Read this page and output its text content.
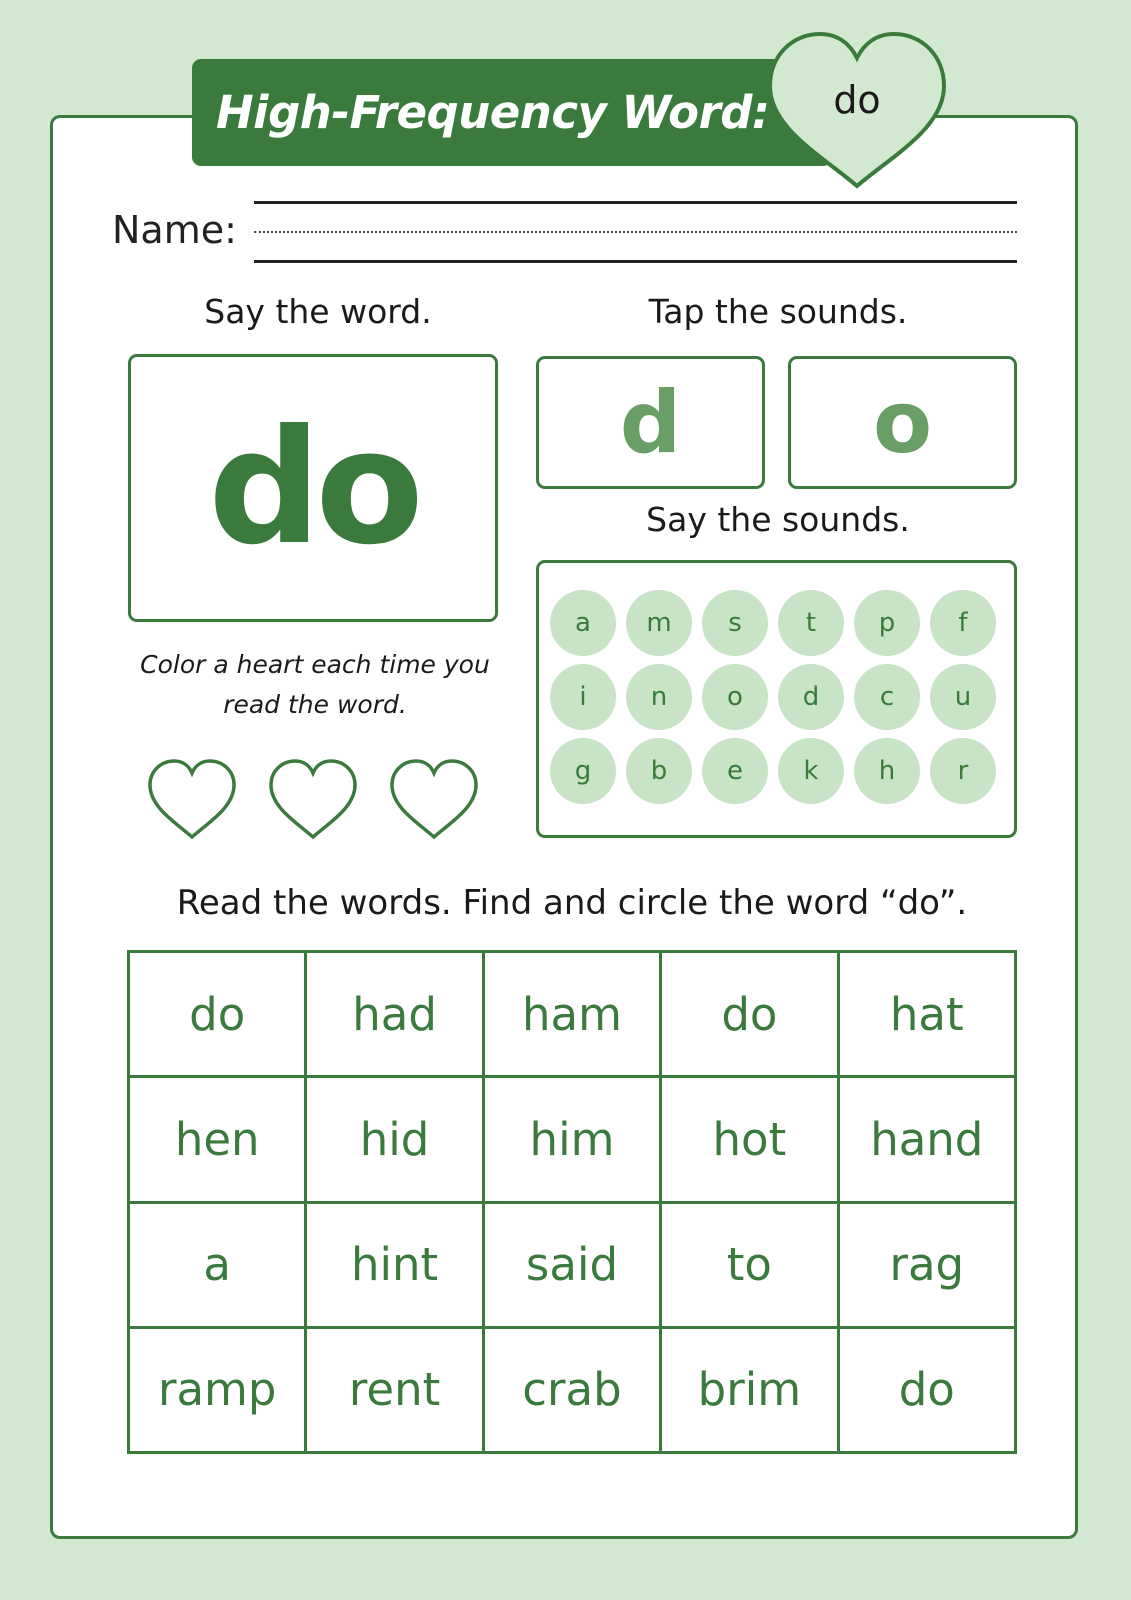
High-Frequency Word:	do
Name:
Say the word.	Tap the sounds.
do d o
Say the sounds.
a	m	s	t	p	f
i	n	o	d	c	u
g	b	e	k	h	r
Color a heart each time you
read the word.
Read the words. Find and circle the word “do”.
do	had	ham	do	hat
hen	hid	him	hot	hand
a	hint	said	to	rag
ramp	rent	crab	brim	do
